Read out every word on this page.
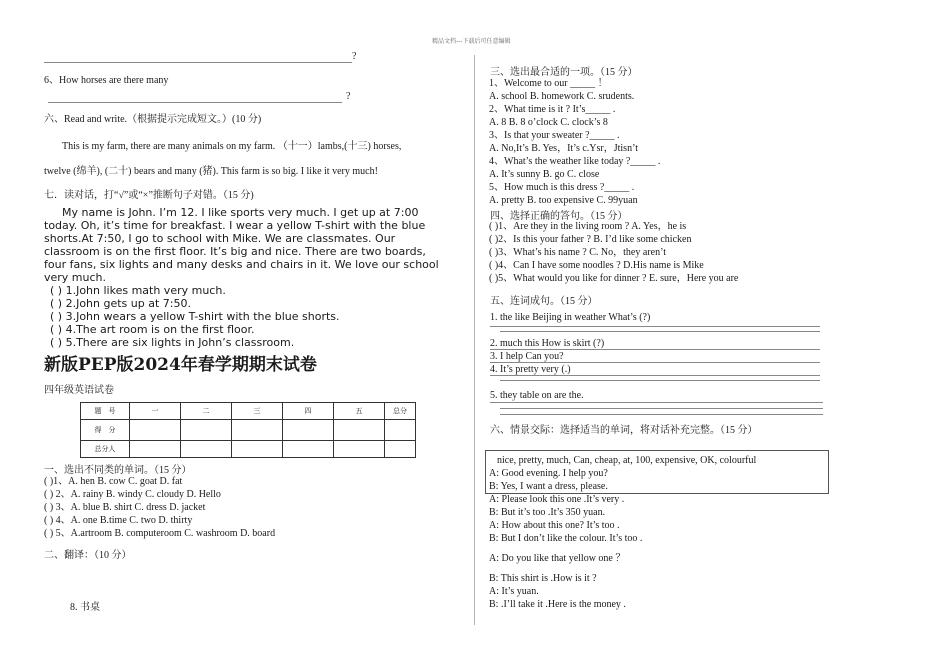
精品文档---下载后可任意编辑
?
6、How horses are there many
?
六、Read and write.（根据提示完成短文。）(10 分)
This is my farm, there are many animals on my farm. （十一）lambs,(十三) horses,
twelve (绵羊), (二十) bears and many (猪). This farm is so big. I like it very much!
七．读对话，打“√”或“×”推断句子对错。（15 分)
My name is John. I’m 12. I like sports very much. I get up at 7:00
today. Oh, it’s time for breakfast. I wear a yellow T-shirt with the blue
shorts.At 7:50, I go to school with Mike. We are classmates. Our
classroom is on the first floor. It’s big and nice. There are two boards,
four fans, six lights and many desks and chairs in it. We love our school
very much.
( ) 1.John likes math very much.
( ) 2.John gets up at 7:50.
( ) 3.John wears a yellow T-shirt with the blue shorts.
( ) 4.The art room is on the first floor.
( ) 5.There are six lights in John’s classroom.
新版PEP版2024年春学期期末试卷
四年级英语试卷
题　号	一	二	三	四	五	总分
得　分						
总分人						
一、选出不同类的单词。（15 分）
( )1、A. hen B. cow C. goat D. fat
( ) 2、A. rainy B. windy C. cloudy D. Hello
( ) 3、A. blue B. shirt C. dress D. jacket
( ) 4、A. one B.time C. two D. thirty
( ) 5、A.artroom B. computeroom C. washroom D. board
二、翻译：（10 分）
8. 书桌
三、选出最合适的一项。（15 分）
1、Welcome to our _____ ！
A. school B. homework C. srudents.
2、What time is it ? It’s_____ .
A. 8 B. 8 o’clock C. clock’s 8
3、Is that your sweater ?_____ .
A. No,It’s B. Yes，It’s c.Ysr，Jtisn’t
4、What’s the weather like today ?_____ .
A. It’s sunny B. go C. close
5、How much is this dress ?_____ .
A. pretty B. too expensive C. 99yuan
四、选择正确的答句。（15 分）
( )1、Are they in the living room ? A. Yes，he is
( )2、Is this your father ? B. I’d like some chicken
( )3、What’s his name ? C. No，they aren’t
( )4、Can I have some noodles ? D.His name is Mike
( )5、What would you like for dinner ? E. sure，Here you are
五、连词成句。（15 分）
1. the like Beijing in weather What’s (?)
2. much this How is skirt (?)
3. I help Can you?
4. It’s pretty very (.)
5. they table on are the.
六、情景交际：选择适当的单词，将对话补充完整。（15 分）
nice, pretty, much, Can, cheap, at, 100, expensive, OK, colourful
A: Good evening. I help you?
B: Yes, I want a dress, please.
A: Please look this one .It’s very .
B: But it’s too .It’s 350 yuan.
A: How about this one? It’s too .
B: But I don’t like the colour. It’s too .
A: Do you like that yellow one ？
B: This shirt is .How is it ?
A: It’s yuan.
B: .I’ll take it .Here is the money .
